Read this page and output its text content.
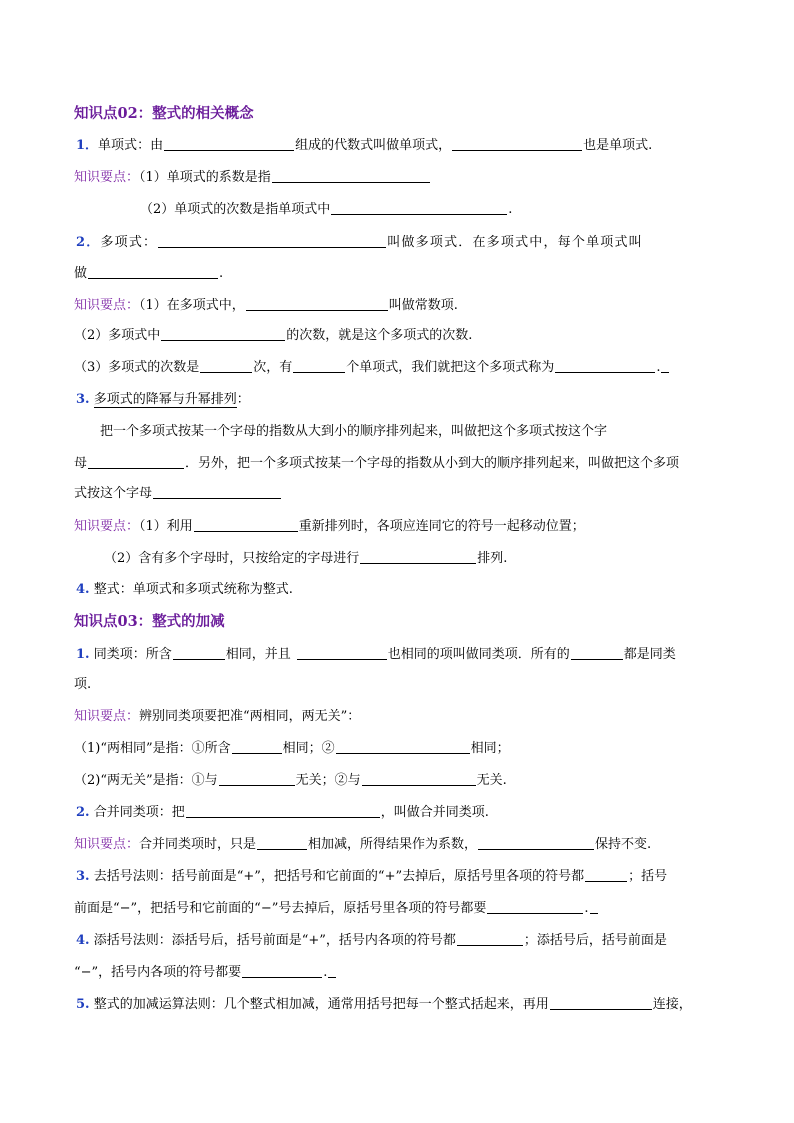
知识点02：整式的相关概念
1．单项式：由	组成的代数式叫做单项式，	也是单项式.
知识要点：（1）单项式的系数是指
（2）单项式的次数是指单项式中	.
2．多项式：	叫做多项式．在多项式中，每个单项式叫
做	.
知识要点：（1）在多项式中，	叫做常数项.
（2）多项式中	的次数，就是这个多项式的次数.
（3）多项式的次数是	次，有	个单项式，我们就把这个多项式称为	.
3. 多项式的降幂与升幂排列：
把一个多项式按某一个字母的指数从大到小的顺序排列起来，叫做把这个多项式按这个字
母	．另外，把一个多项式按某一个字母的指数从小到大的顺序排列起来，叫做把这个多项
式按这个字母
知识要点：（1）利用	重新排列时，各项应连同它的符号一起移动位置；
（2）含有多个字母时，只按给定的字母进行	排列.
4. 整式：单项式和多项式统称为整式.
知识点03：整式的加减
1. 同类项：所含	相同，并且	也相同的项叫做同类项．所有的	都是同类
项.
知识要点：辨别同类项要把准“两相同，两无关”：
（1)“两相同”是指：①所含	相同；②	相同；
（2)“两无关”是指：①与	无关；②与	无关.
2. 合并同类项：把	，叫做合并同类项.
知识要点：合并同类项时，只是	相加减，所得结果作为系数，	保持不变.
3. 去括号法则：括号前面是“+”，把括号和它前面的“+”去掉后，原括号里各项的符号都	；括号
前面是“−”，把括号和它前面的“−”号去掉后，原括号里各项的符号都要	.
4. 添括号法则：添括号后，括号前面是“+”，括号内各项的符号都	；添括号后，括号前面是
“−”，括号内各项的符号都要	.
5. 整式的加减运算法则：几个整式相加减，通常用括号把每一个整式括起来，再用	连接，
